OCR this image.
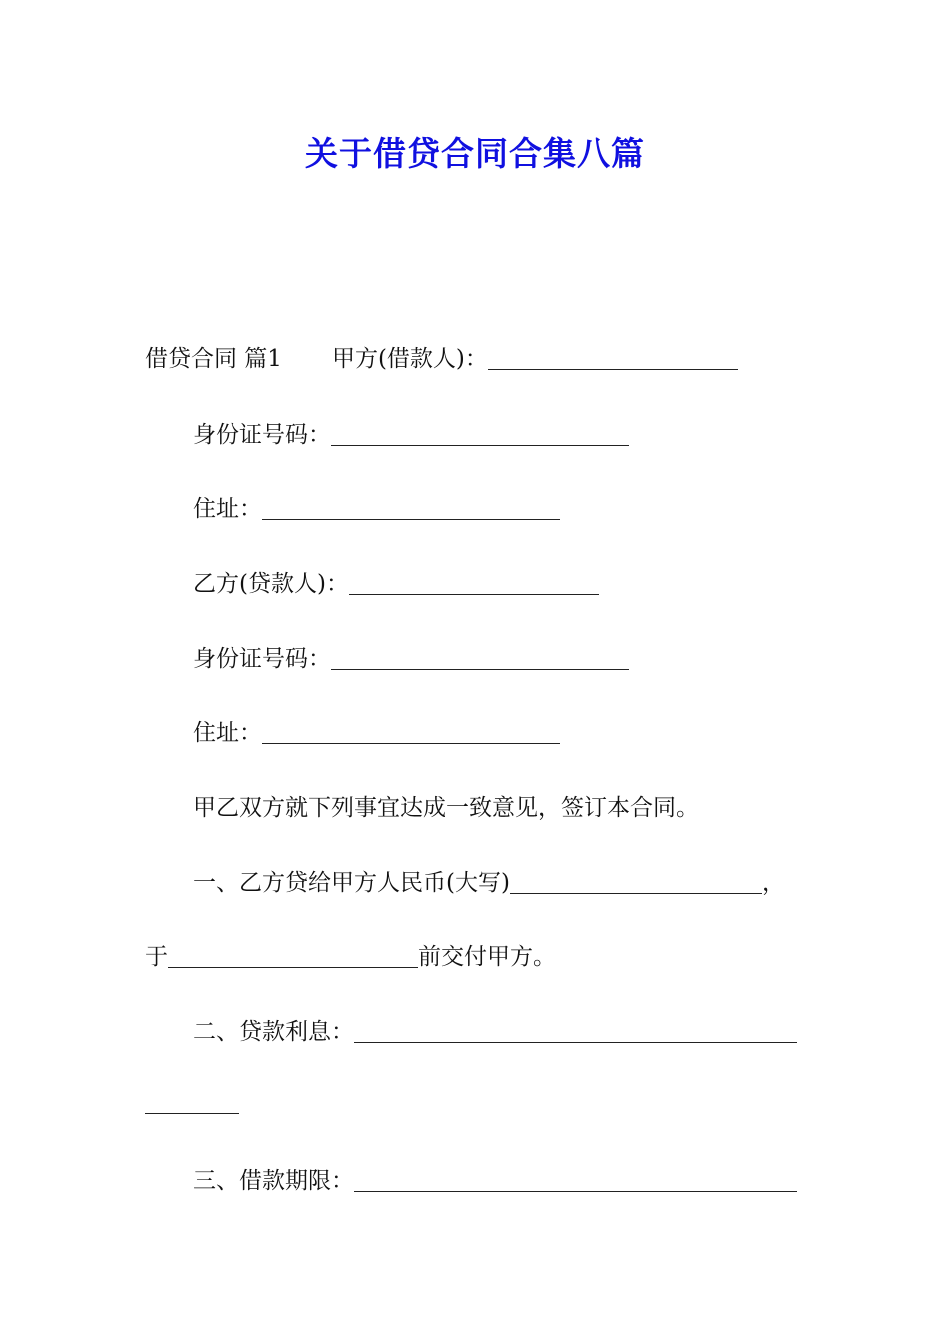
关于借贷合同合集八篇
借贷合同 篇1 甲方(借款人)：
身份证号码：
住址：
乙方(贷款人)：
身份证号码：
住址：
甲乙双方就下列事宜达成一致意见，签订本合同。
一、乙方贷给甲方人民币(大写)	，
于	前交付甲方。
二、贷款利息：
三、借款期限：
